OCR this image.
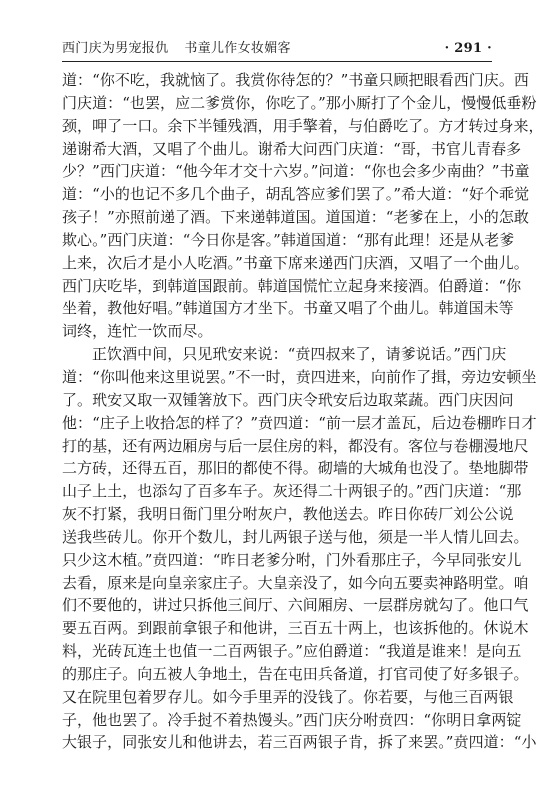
西门庆为男宠报仇 书童儿作女妆媚客	· 291 ·
道：“你不吃，我就恼了。我赏你待怎的？”书童只顾把眼看西门庆。西
门庆道：“也罢，应二爹赏你，你吃了。”那小厮打了个金儿，慢慢低垂粉
颈，呷了一口。余下半锺残酒，用手擎着，与伯爵吃了。方才转过身来，
递谢希大酒，又唱了个曲儿。谢希大问西门庆道：“哥，书官儿青春多
少？”西门庆道：“他今年才交十六岁。”问道：“你也会多少南曲？”书童
道：“小的也记不多几个曲子，胡乱答应爹们罢了。”希大道：“好个乖觉
孩子！”亦照前递了酒。下来递韩道国。道国道：“老爹在上，小的怎敢
欺心。”西门庆道：“今日你是客。”韩道国道：“那有此理！还是从老爹
上来，次后才是小人吃酒。”书童下席来递西门庆酒，又唱了一个曲儿。
西门庆吃毕，到韩道国跟前。韩道国慌忙立起身来接酒。伯爵道：“你
坐着，教他好唱。”韩道国方才坐下。书童又唱了个曲儿。韩道国未等
词终，连忙一饮而尽。
正饮酒中间，只见玳安来说：“贲四叔来了，请爹说话。”西门庆
道：“你叫他来这里说罢。”不一时，贲四进来，向前作了揖，旁边安顿坐
了。玳安又取一双锺箸放下。西门庆令玳安后边取菜蔬。西门庆因问
他：“庄子上收拾怎的样了？”贲四道：“前一层才盖瓦，后边卷棚昨日才
打的基，还有两边厢房与后一层住房的料，都没有。客位与卷棚漫地尺
二方砖，还得五百，那旧的都使不得。砌墙的大城角也没了。垫地脚带
山子上土，也添勾了百多车子。灰还得二十两银子的。”西门庆道：“那
灰不打紧，我明日衙门里分咐灰户，教他送去。昨日你砖厂刘公公说
送我些砖儿。你开个数儿，封儿两银子送与他，须是一半人情儿回去。
只少这木植。”贲四道：“昨日老爹分咐，门外看那庄子，今早同张安儿
去看，原来是向皇亲家庄子。大皇亲没了，如今向五要卖神路明堂。咱
们不要他的，讲过只拆他三间厅、六间厢房、一层群房就勾了。他口气
要五百两。到跟前拿银子和他讲，三百五十两上，也该拆他的。休说木
料，光砖瓦连土也值一二百两银子。”应伯爵道：“我道是谁来！是向五
的那庄子。向五被人争地土，告在屯田兵备道，打官司使了好多银子。
又在院里包着罗存儿。如今手里弄的没钱了。你若要，与他三百两银
子，他也罢了。冷手挝不着热馒头。”西门庆分咐贲四：“你明日拿两锭
大银子，同张安儿和他讲去，若三百两银子肯，拆了来罢。”贲四道：“小
